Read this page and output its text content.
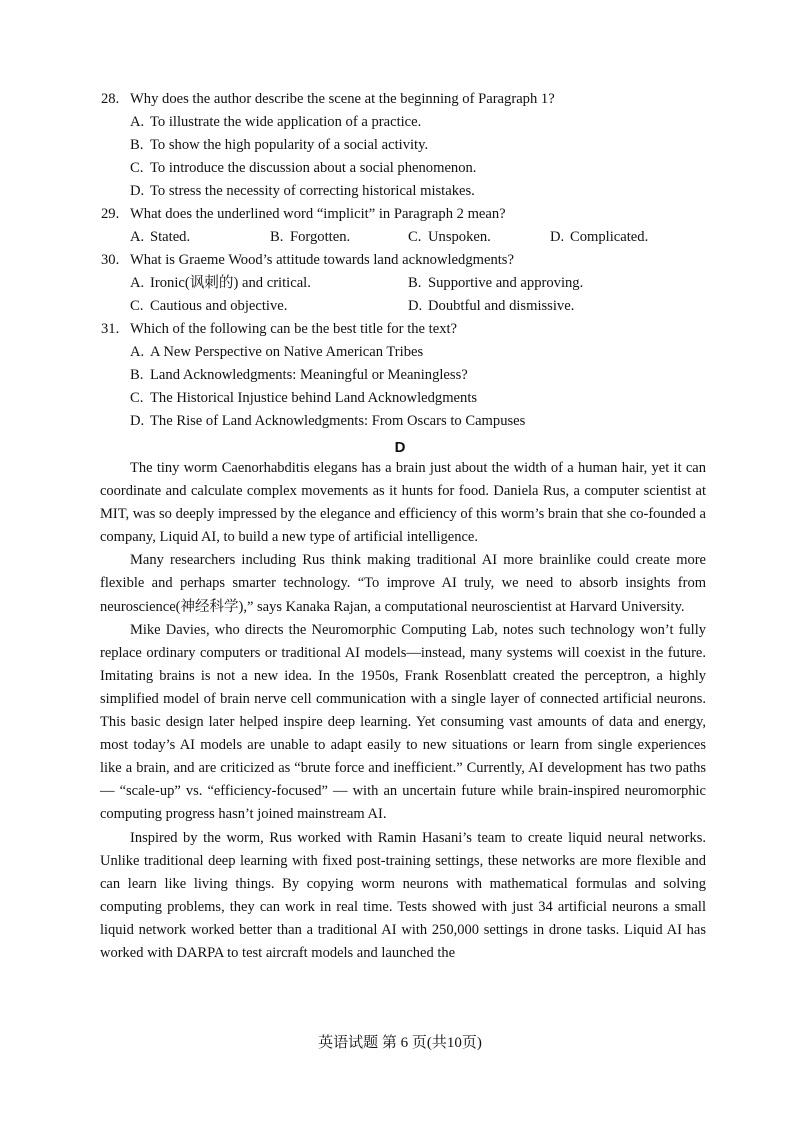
28. Why does the author describe the scene at the beginning of Paragraph 1?
A. To illustrate the wide application of a practice.
B. To show the high popularity of a social activity.
C. To introduce the discussion about a social phenomenon.
D. To stress the necessity of correcting historical mistakes.
29. What does the underlined word “implicit” in Paragraph 2 mean?
A. Stated.	B. Forgotten.	C. Unspoken.	D. Complicated.
30. What is Graeme Wood’s attitude towards land acknowledgments?
A. Ironic(讽刺的) and critical.	B. Supportive and approving.
C. Cautious and objective.	D. Doubtful and dismissive.
31. Which of the following can be the best title for the text?
A. A New Perspective on Native American Tribes
B. Land Acknowledgments: Meaningful or Meaningless?
C. The Historical Injustice behind Land Acknowledgments
D. The Rise of Land Acknowledgments: From Oscars to Campuses
D

The tiny worm Caenorhabditis elegans has a brain just about the width of a human hair, yet it can coordinate and calculate complex movements as it hunts for food. Daniela Rus, a computer scientist at MIT, was so deeply impressed by the elegance and efficiency of this worm’s brain that she co-founded a company, Liquid AI, to build a new type of artificial intelligence.

Many researchers including Rus think making traditional AI more brainlike could create more flexible and perhaps smarter technology. “To improve AI truly, we need to absorb insights from neuroscience(神经科学),” says Kanaka Rajan, a computational neuroscientist at Harvard University.

Mike Davies, who directs the Neuromorphic Computing Lab, notes such technology won’t fully replace ordinary computers or traditional AI models—instead, many systems will coexist in the future. Imitating brains is not a new idea. In the 1950s, Frank Rosenblatt created the perceptron, a highly simplified model of brain nerve cell communication with a single layer of connected artificial neurons. This basic design later helped inspire deep learning. Yet consuming vast amounts of data and energy, most today’s AI models are unable to adapt easily to new situations or learn from single experiences like a brain, and are criticized as “brute force and inefficient.” Currently, AI development has two paths — “scale-up” vs. “efficiency-focused” — with an uncertain future while brain-inspired neuromorphic computing progress hasn’t joined mainstream AI.

Inspired by the worm, Rus worked with Ramin Hasani’s team to create liquid neural networks. Unlike traditional deep learning with fixed post-training settings, these networks are more flexible and can learn like living things. By copying worm neurons with mathematical formulas and solving computing problems, they can work in real time. Tests showed with just 34 artificial neurons a small liquid network worked better than a traditional AI with 250,000 settings in drone tasks. Liquid AI has worked with DARPA to test aircraft models and launched the

英语试题 第 6 页(共10页)
